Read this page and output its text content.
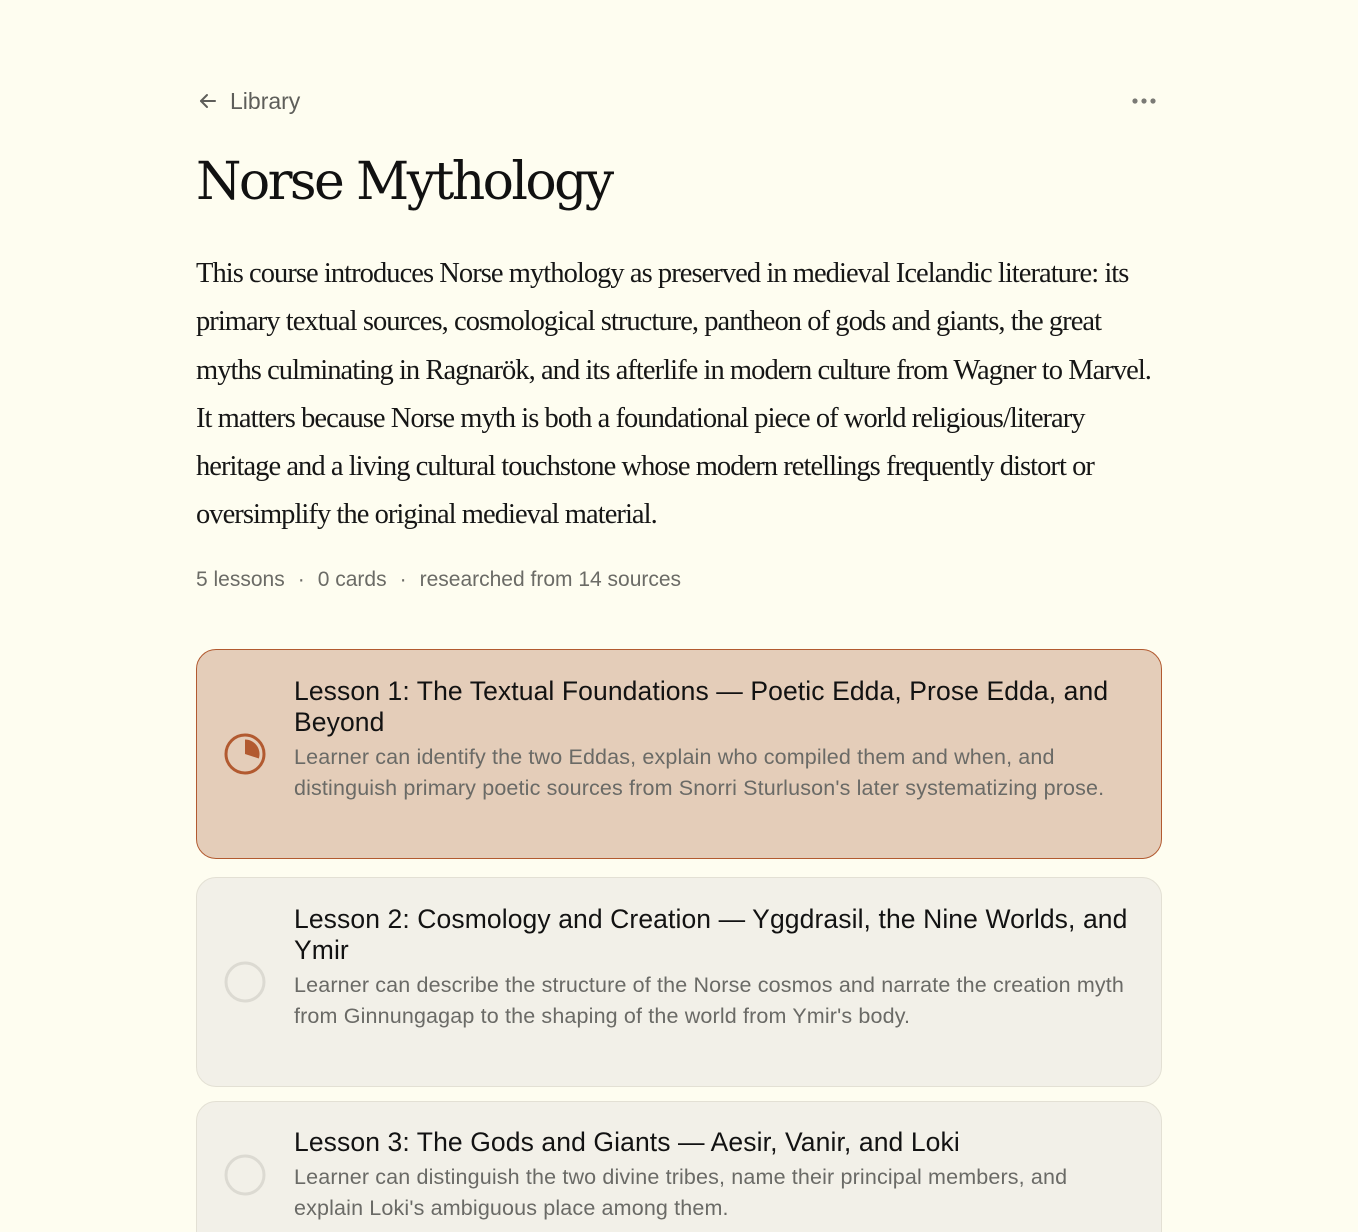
Library
Norse Mythology

This course introduces Norse mythology as preserved in medieval Icelandic literature: its primary textual sources, cosmological structure, pantheon of gods and giants, the great myths culminating in Ragnarök, and its afterlife in modern culture from Wagner to Marvel. It matters because Norse myth is both a foundational piece of world religious/literary heritage and a living cultural touchstone whose modern retellings frequently distort or oversimplify the original medieval material.

5 lessons · 0 cards · researched from 14 sources
Lesson 1: The Textual Foundations — Poetic Edda, Prose Edda, and Beyond
Learner can identify the two Eddas, explain who compiled them and when, and distinguish primary poetic sources from Snorri Sturluson's later systematizing prose.
Lesson 2: Cosmology and Creation — Yggdrasil, the Nine Worlds, and Ymir
Learner can describe the structure of the Norse cosmos and narrate the creation myth from Ginnungagap to the shaping of the world from Ymir's body.
Lesson 3: The Gods and Giants — Aesir, Vanir, and Loki
Learner can distinguish the two divine tribes, name their principal members, and explain Loki's ambiguous place among them.
